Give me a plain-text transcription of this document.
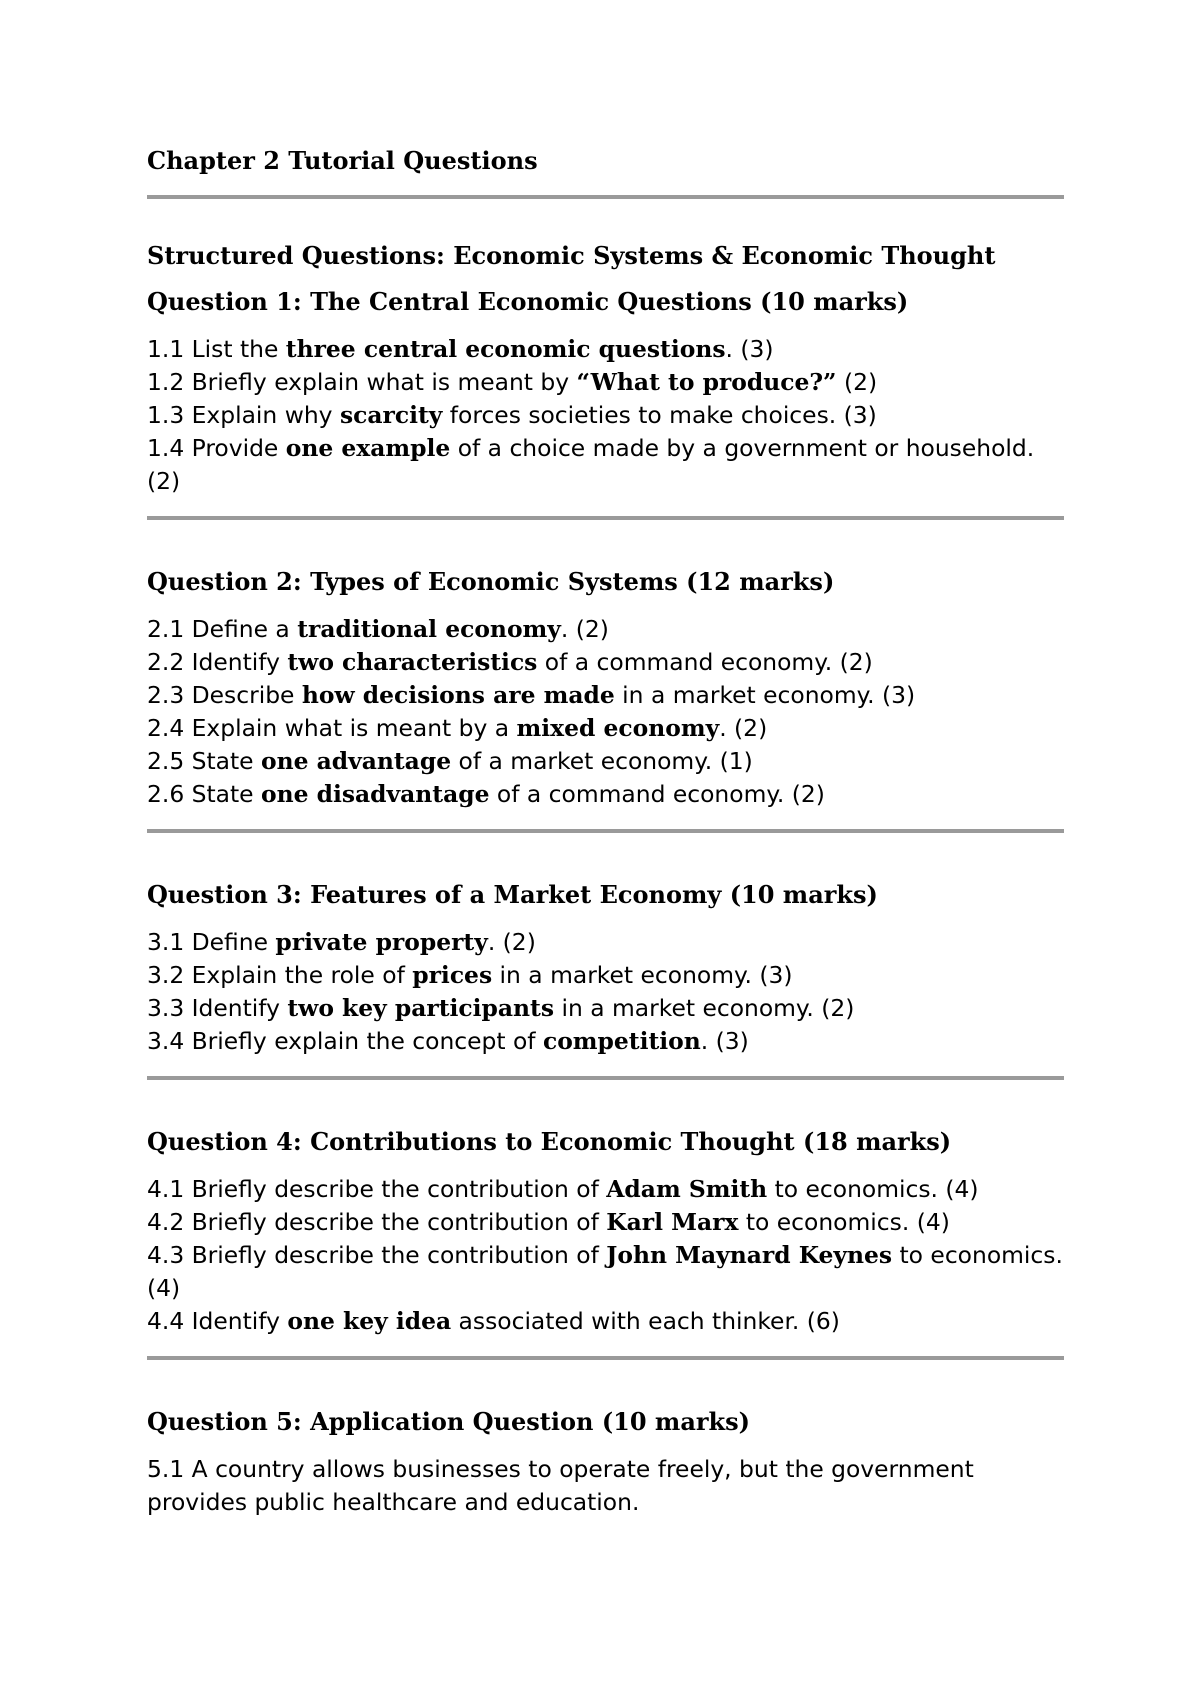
Chapter 2 Tutorial Questions
Structured Questions: Economic Systems & Economic Thought
Question 1: The Central Economic Questions (10 marks)

1.1 List the three central economic questions. (3)

1.2 Briefly explain what is meant by “What to produce?” (2)

1.3 Explain why scarcity forces societies to make choices. (3)

1.4 Provide one example of a choice made by a government or household. (2)

Question 2: Types of Economic Systems (12 marks)

2.1 Define a traditional economy. (2)

2.2 Identify two characteristics of a command economy. (2)

2.3 Describe how decisions are made in a market economy. (3)

2.4 Explain what is meant by a mixed economy. (2)

2.5 State one advantage of a market economy. (1)

2.6 State one disadvantage of a command economy. (2)

Question 3: Features of a Market Economy (10 marks)

3.1 Define private property. (2)

3.2 Explain the role of prices in a market economy. (3)

3.3 Identify two key participants in a market economy. (2)

3.4 Briefly explain the concept of competition. (3)

Question 4: Contributions to Economic Thought (18 marks)

4.1 Briefly describe the contribution of Adam Smith to economics. (4)

4.2 Briefly describe the contribution of Karl Marx to economics. (4)

4.3 Briefly describe the contribution of John Maynard Keynes to economics. (4)

4.4 Identify one key idea associated with each thinker. (6)

Question 5: Application Question (10 marks)

5.1 A country allows businesses to operate freely, but the government provides public healthcare and education.
